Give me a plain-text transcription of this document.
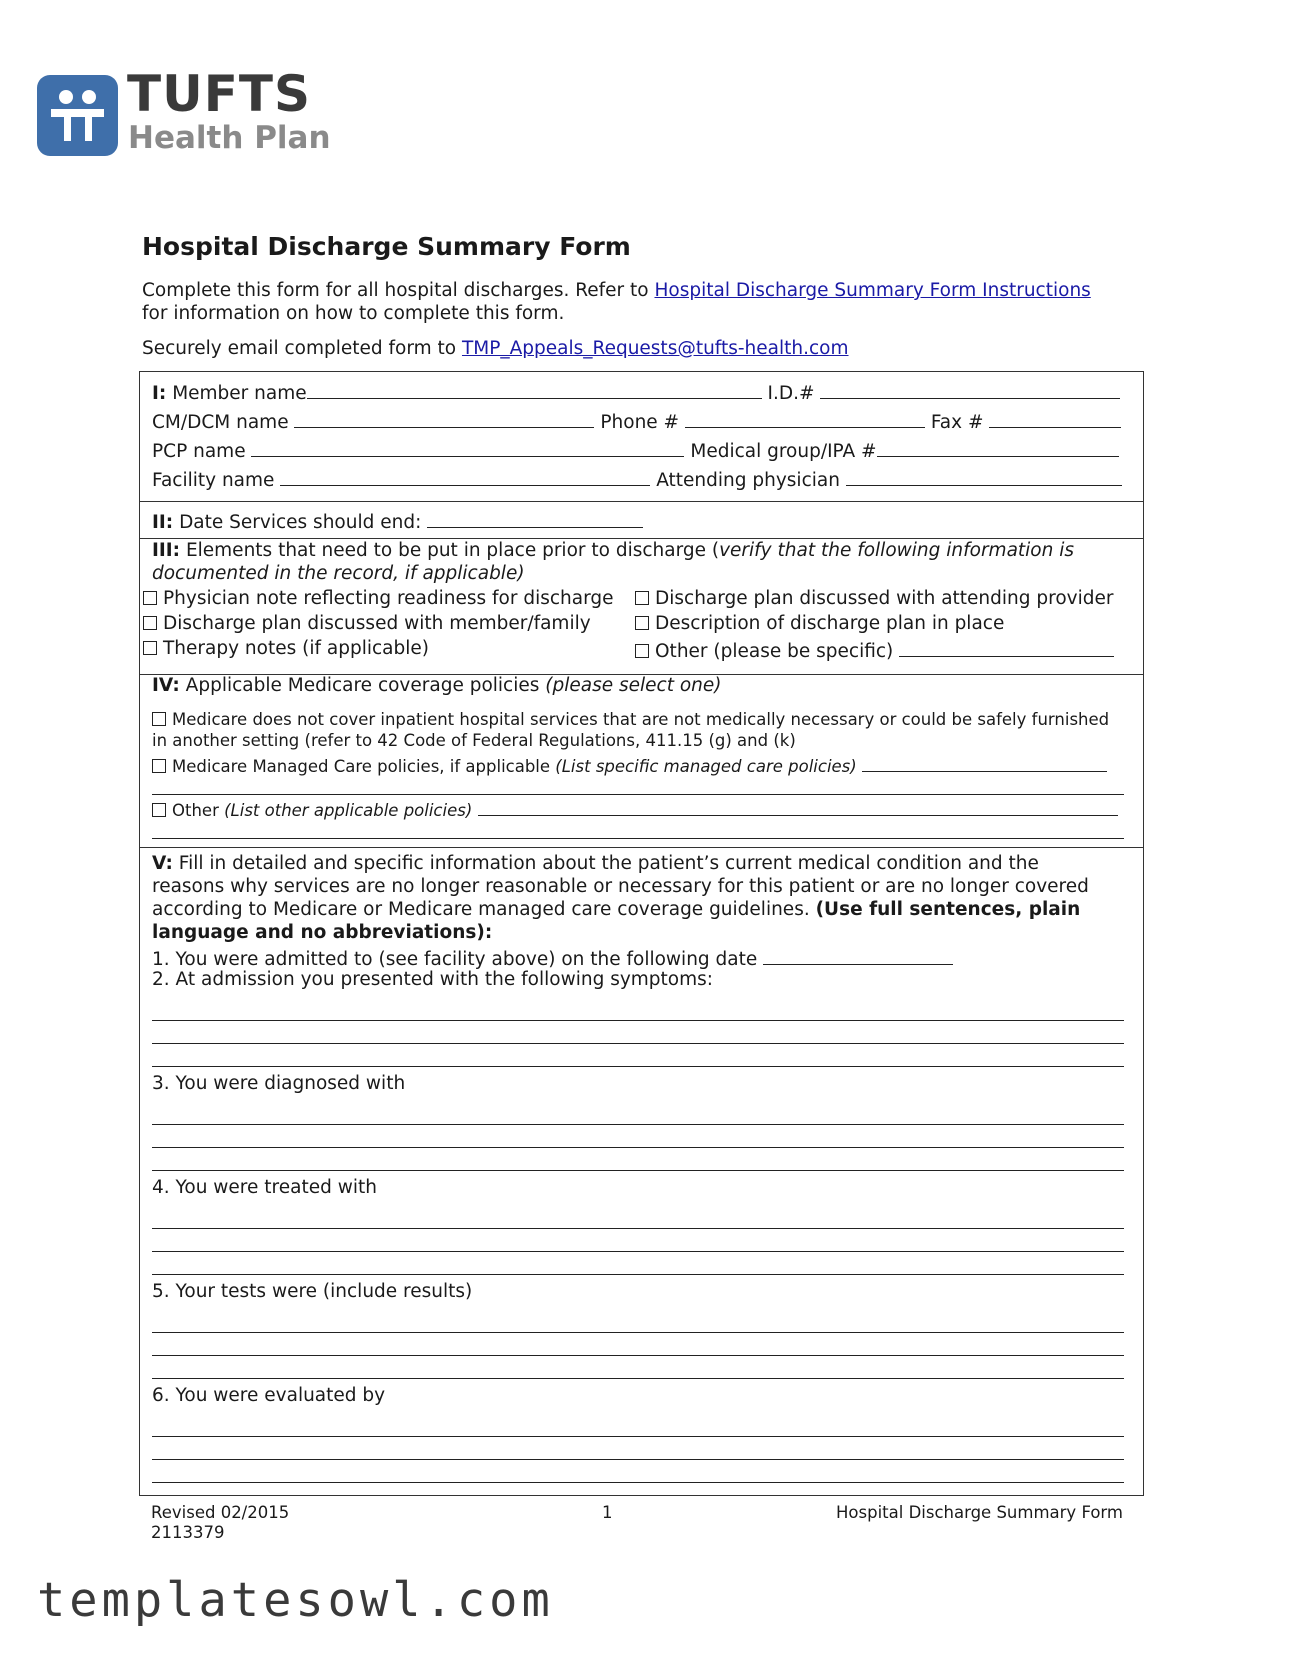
TUFTS
Health Plan
Hospital Discharge Summary Form
Complete this form for all hospital discharges. Refer to Hospital Discharge Summary Form Instructions
for information on how to complete this form.
Securely email completed form to TMP_Appeals_Requests@tufts-health.com
I: Member name	I.D.#
CM/DCM name	Phone #	Fax #
PCP name	Medical group/IPA #
Facility name	Attending physician
II: Date Services should end:
III: Elements that need to be put in place prior to discharge (verify that the following information is documented in the record, if applicable)
Physician note reflecting readiness for discharge	Discharge plan discussed with attending provider
Discharge plan discussed with member/family	Description of discharge plan in place
Therapy notes (if applicable)	Other (please be specific)
IV: Applicable Medicare coverage policies (please select one)
Medicare does not cover inpatient hospital services that are not medically necessary or could be safely furnished
in another setting (refer to 42 Code of Federal Regulations, 411.15 (g) and (k)
Medicare Managed Care policies, if applicable (List specific managed care policies)
Other (List other applicable policies)
V: Fill in detailed and specific information about the patient’s current medical condition and the
reasons why services are no longer reasonable or necessary for this patient or are no longer covered
according to Medicare or Medicare managed care coverage guidelines. (Use full sentences, plain
language and no abbreviations):
1. You were admitted to (see facility above) on the following date
2. At admission you presented with the following symptoms:
3. You were diagnosed with
4. You were treated with
5. Your tests were (include results)
6. You were evaluated by
Revised 02/2015
2113379
1	Hospital Discharge Summary Form
templatesowl.com
